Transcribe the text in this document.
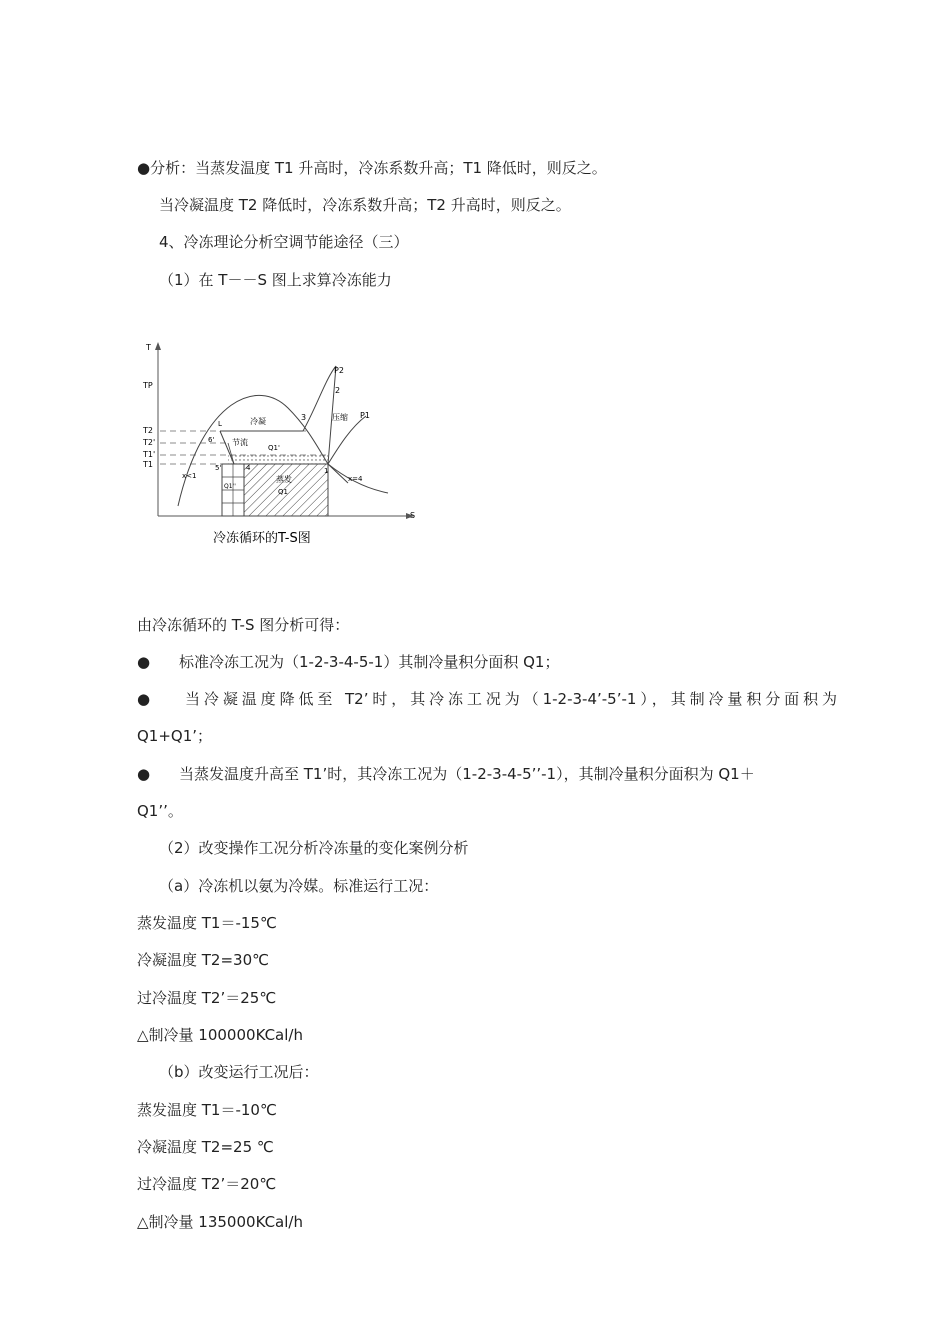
●分析：当蒸发温度 T1 升高时，冷冻系数升高；T1 降低时，则反之。
当冷凝温度 T2 降低时，冷冻系数升高；T2 升高时，则反之。
4、冷冻理论分析空调节能途径（三）
（1）在 T－－S 图上求算冷冻能力
T
TP
T2
T2'
T1'
T1
P2
2
3	压缩 P1
冷凝
L
6' 节流
Q1'
5'
x<1
4
蒸发
Q1
Q1''
1
x=4
S
冷冻循环的T-S图
由冷冻循环的 T-S 图分析可得：
● 标准冷冻工况为（1-2-3-4-5-1）其制冷量积分面积 Q1；
● 当冷凝温度降低至 T2’时，其冷冻工况为（1-2-3-4’-5’-1），其制冷量积分面积为
Q1+Q1’；
● 当蒸发温度升高至 T1’时，其冷冻工况为（1-2-3-4-5’’-1），其制冷量积分面积为 Q1＋
Q1’’。
（2）改变操作工况分析冷冻量的变化案例分析
（a）冷冻机以氨为冷媒。标准运行工况：
蒸发温度 T1＝-15℃
冷凝温度 T2=30℃
过冷温度 T2’＝25℃
△制冷量 100000KCal/h
（b）改变运行工况后：
蒸发温度 T1＝-10℃
冷凝温度 T2=25 ℃
过冷温度 T2’＝20℃
△制冷量 135000KCal/h
